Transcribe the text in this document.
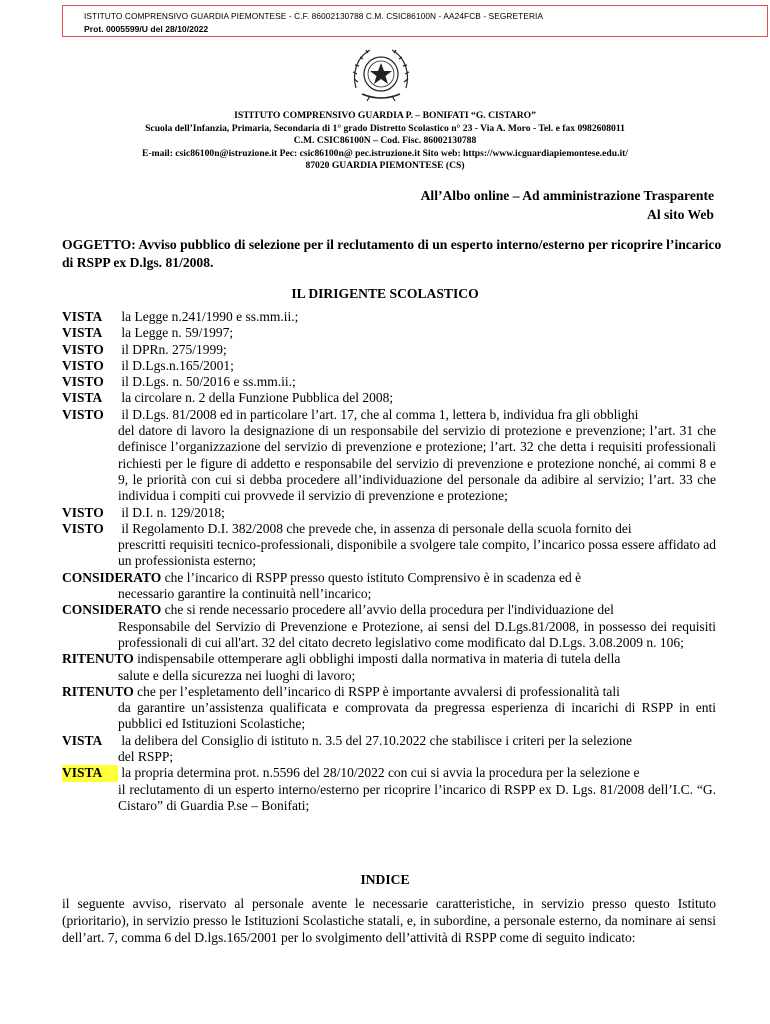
ISTITUTO COMPRENSIVO GUARDIA PIEMONTESE - C.F. 86002130788 C.M. CSIC86100N - AA24FCB - SEGRETERIA
Prot. 0005599/U del 28/10/2022
ISTITUTO COMPRENSIVO GUARDIA P. – BONIFATI “G. CISTARO”
Scuola dell’Infanzia, Primaria, Secondaria di 1° grado Distretto Scolastico n° 23 - Via A. Moro - Tel. e fax 0982608011
C.M. CSIC86100N – Cod. Fisc. 86002130788
E-mail: csic86100n@istruzione.it Pec: csic86100n@ pec.istruzione.it Sito web: https://www.icguardiapiemontese.edu.it/
87020 GUARDIA PIEMONTESE (CS)
All’Albo online – Ad amministrazione Trasparente
Al sito Web
OGGETTO: Avviso pubblico di selezione per il reclutamento di un esperto interno/esterno per ricoprire l’incarico di RSPP ex D.lgs. 81/2008.
IL DIRIGENTE SCOLASTICO
VISTA la Legge n.241/1990 e ss.mm.ii.;
VISTA la Legge n. 59/1997;
VISTO il DPRn. 275/1999;
VISTO il D.Lgs.n.165/2001;
VISTO il D.Lgs. n. 50/2016 e ss.mm.ii.;
VISTA la circolare n. 2 della Funzione Pubblica del 2008;
VISTO il D.Lgs. 81/2008 ed in particolare l’art. 17, che al comma 1, lettera b, individua fra gli obblighi
del datore di lavoro la designazione di un responsabile del servizio di protezione e prevenzione; l’art. 31 che definisce l’organizzazione del servizio di prevenzione e protezione; l’art. 32 che detta i requisiti professionali richiesti per le figure di addetto e responsabile del servizio di prevenzione e protezione nonché, ai commi 8 e 9, le priorità con cui si debba procedere all’individuazione del personale da adibire al servizio; l’art. 33 che individua i compiti cui provvede il servizio di prevenzione e protezione;
VISTO il D.I. n. 129/2018;
VISTO il Regolamento D.I. 382/2008 che prevede che, in assenza di personale della scuola fornito dei
prescritti requisiti tecnico-professionali, disponibile a svolgere tale compito, l’incarico possa essere affidato ad un professionista esterno;
CONSIDERATO che l’incarico di RSPP presso questo istituto Comprensivo è in scadenza ed è
necessario garantire la continuità nell’incarico;
CONSIDERATO che si rende necessario procedere all’avvio della procedura per l'individuazione del
Responsabile del Servizio di Prevenzione e Protezione, ai sensi del D.Lgs.81/2008, in possesso dei requisiti professionali di cui all'art. 32 del citato decreto legislativo come modificato dal D.Lgs. 3.08.2009 n. 106;
RITENUTO indispensabile ottemperare agli obblighi imposti dalla normativa in materia di tutela della
salute e della sicurezza nei luoghi di lavoro;
RITENUTO che per l’espletamento dell’incarico di RSPP è importante avvalersi di professionalità tali
da garantire un’assistenza qualificata e comprovata da pregressa esperienza di incarichi di RSPP in enti pubblici ed Istituzioni Scolastiche;
VISTA la delibera del Consiglio di istituto n. 3.5 del 27.10.2022 che stabilisce i criteri per la selezione
del RSPP;
VISTA la propria determina prot. n.5596 del 28/10/2022 con cui si avvia la procedura per la selezione e
il reclutamento di un esperto interno/esterno per ricoprire l’incarico di RSPP ex D. Lgs. 81/2008 dell’I.C. “G. Cistaro” di Guardia P.se – Bonifati;
INDICE
il seguente avviso, riservato al personale avente le necessarie caratteristiche, in servizio presso questo Istituto (prioritario), in servizio presso le Istituzioni Scolastiche statali, e, in subordine, a personale esterno, da nominare ai sensi dell’art. 7, comma 6 del D.lgs.165/2001 per lo svolgimento dell’attività di RSPP come di seguito indicato:
